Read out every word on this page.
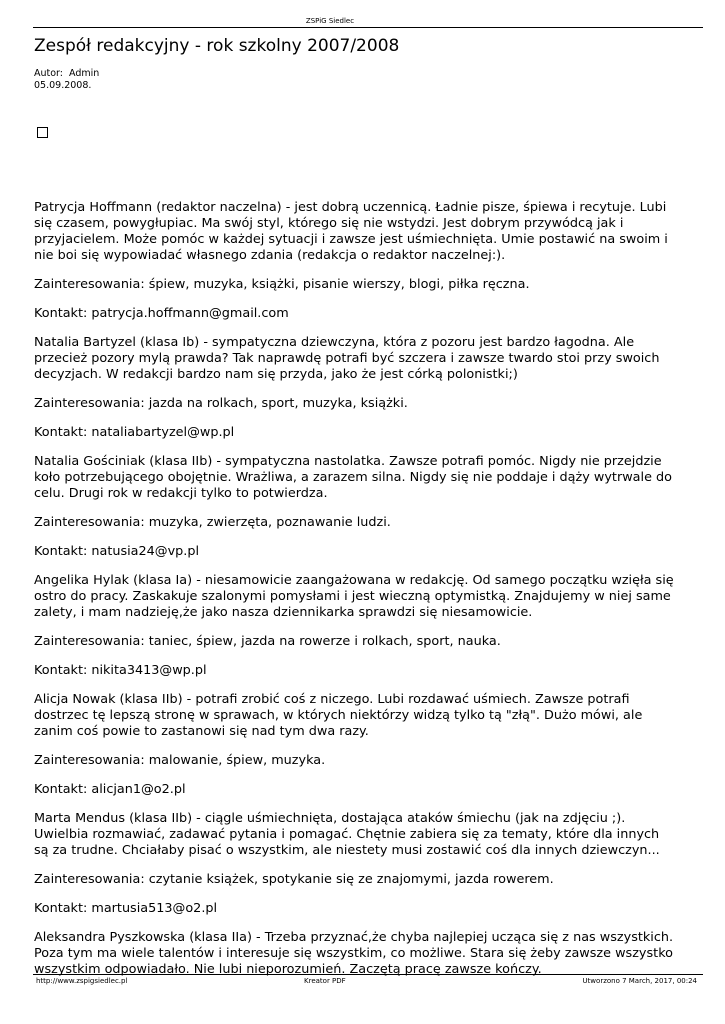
ZSPiG Siedlec
Zespół redakcyjny - rok szkolny 2007/2008
Autor: Admin
05.09.2008.

Patrycja Hoffmann (redaktor naczelna) - jest dobrą uczennicą. Ładnie pisze, śpiewa i recytuje. Lubi się czasem, powygłupiac. Ma swój styl, którego się nie wstydzi. Jest dobrym przywódcą jak i przyjacielem. Może pomóc w każdej sytuacji i zawsze jest uśmiechnięta. Umie postawić na swoim i nie boi się wypowiadać własnego zdania (redakcja o redaktor naczelnej:).

Zainteresowania: śpiew, muzyka, książki, pisanie wierszy, blogi, piłka ręczna.

Kontakt: patrycja.hoffmann@gmail.com

Natalia Bartyzel (klasa Ib) - sympatyczna dziewczyna, która z pozoru jest bardzo łagodna. Ale przecież pozory mylą prawda? Tak naprawdę potrafi być szczera i zawsze twardo stoi przy swoich decyzjach. W redakcji bardzo nam się przyda, jako że jest córką polonistki;)

Zainteresowania: jazda na rolkach, sport, muzyka, książki.

Kontakt: nataliabartyzel@wp.pl

Natalia Gościniak (klasa IIb) - sympatyczna nastolatka. Zawsze potrafi pomóc. Nigdy nie przejdzie koło potrzebującego obojętnie. Wrażliwa, a zarazem silna. Nigdy się nie poddaje i dąży wytrwale do celu. Drugi rok w redakcji tylko to potwierdza.

Zainteresowania: muzyka, zwierzęta, poznawanie ludzi.

Kontakt: natusia24@vp.pl

Angelika Hylak (klasa Ia) - niesamowicie zaangażowana w redakcję. Od samego początku wzięła się ostro do pracy. Zaskakuje szalonymi pomysłami i jest wieczną optymistką. Znajdujemy w niej same zalety, i mam nadzieję,że jako nasza dziennikarka sprawdzi się niesamowicie.

Zainteresowania: taniec, śpiew, jazda na rowerze i rolkach, sport, nauka.

Kontakt: nikita3413@wp.pl

Alicja Nowak (klasa IIb) - potrafi zrobić coś z niczego. Lubi rozdawać uśmiech. Zawsze potrafi dostrzec tę lepszą stronę w sprawach, w których niektórzy widzą tylko tą "złą". Dużo mówi, ale zanim coś powie to zastanowi się nad tym dwa razy.

Zainteresowania: malowanie, śpiew, muzyka.

Kontakt: alicjan1@o2.pl

Marta Mendus (klasa IIb) - ciągle uśmiechnięta, dostająca ataków śmiechu (jak na zdjęciu ;). Uwielbia rozmawiać, zadawać pytania i pomagać. Chętnie zabiera się za tematy, które dla innych są za trudne. Chciałaby pisać o wszystkim, ale niestety musi zostawić coś dla innych dziewczyn...

Zainteresowania: czytanie książek, spotykanie się ze znajomymi, jazda rowerem.

Kontakt: martusia513@o2.pl

Aleksandra Pyszkowska (klasa IIa) - Trzeba przyznać,że chyba najlepiej ucząca się z nas wszystkich. Poza tym ma wiele talentów i interesuje się wszystkim, co możliwe. Stara się żeby zawsze wszystko wszystkim odpowiadało. Nie lubi nieporozumień. Zaczętą pracę zawsze kończy.

http://www.zspigsiedlec.pl	Kreator PDF	Utworzono 7 March, 2017, 00:24
